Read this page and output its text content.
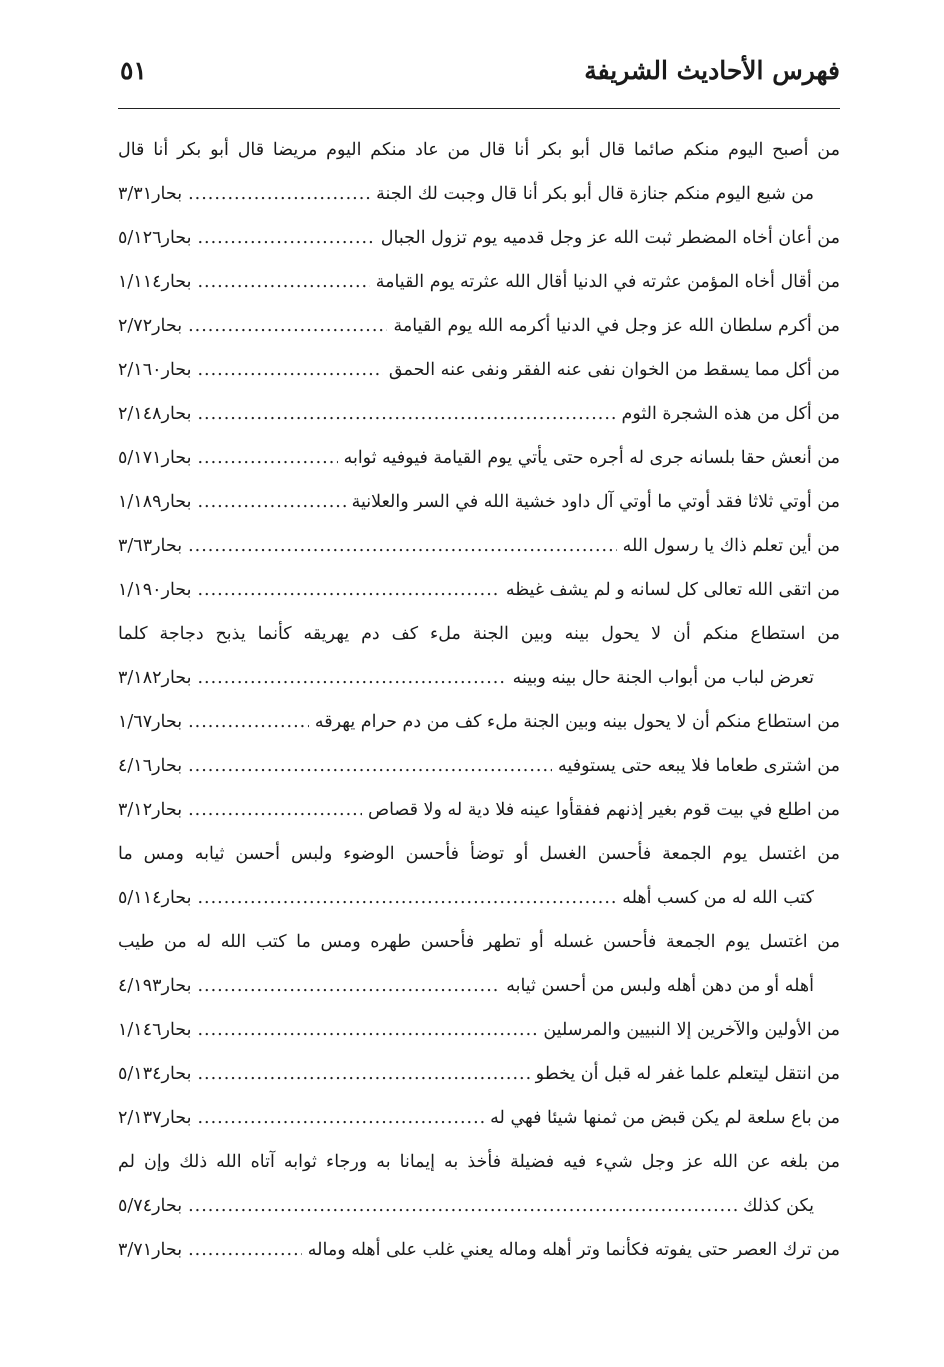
فهرس الأحاديث الشريفة
٥١
من أصبح اليوم منكم صائما قال أبو بكر أنا قال من عاد منكم اليوم مريضا قال أبو بكر أنا قال
من شيع اليوم منكم جنازة قال أبو بكر أنا قال وجبت لك الجنة
.....
بحار٣/٣١
من أعان أخاه المضطر ثبت الله عز وجل قدميه يوم تزول الجبال
.....
بحار٥/١٢٦
من أقال أخاه المؤمن عثرته في الدنيا أقال الله عثرته يوم القيامة
.....
بحار١/١١٤
من أكرم سلطان الله عز وجل في الدنيا أكرمه الله يوم القيامة
.....
بحار٢/٧٢
من أكل مما يسقط من الخوان نفى عنه الفقر ونفى عنه الحمق
.....
بحار٢/١٦٠
من أكل من هذه الشجرة الثوم
.....
بحار٢/١٤٨
من أنعش حقا بلسانه جرى له أجره حتى يأتي يوم القيامة فيوفيه ثوابه
.....
بحار٥/١٧١
من أوتي ثلاثا فقد أوتي ما أوتي آل داود خشية الله في السر والعلانية
.....
بحار١/١٨٩
من أين تعلم ذاك يا رسول الله
.....
بحار٣/٦٣
من اتقى الله تعالى كل لسانه و لم يشف غيظه
.....
بحار١/١٩٠
من استطاع منكم أن لا يحول بينه وبين الجنة ملء كف دم يهريقه كأنما يذبح دجاجة كلما
تعرض لباب من أبواب الجنة حال بينه وبينه
.....
بحار٣/١٨٢
من استطاع منكم أن لا يحول بينه وبين الجنة ملء كف من دم حرام يهرقه
.....
بحار١/٦٧
من اشترى طعاما فلا يبعه حتى يستوفيه
.....
بحار٤/١٦
من اطلع في بيت قوم بغير إذنهم ففقأوا عينه فلا دية له ولا قصاص
.....
بحار٣/١٢
من اغتسل يوم الجمعة فأحسن الغسل أو توضأ فأحسن الوضوء ولبس أحسن ثيابه ومس ما
كتب الله له من كسب أهله
.....
بحار٥/١١٤
من اغتسل يوم الجمعة فأحسن غسله أو تطهر فأحسن طهره ومس ما كتب الله له من طيب
أهله أو من دهن أهله ولبس من أحسن ثيابه
.....
بحار٤/١٩٣
من الأولين والآخرين إلا النبيين والمرسلين
.....
بحار١/١٤٦
من انتقل ليتعلم علما غفر له قبل أن يخطو
.....
بحار٥/١٣٤
من باع سلعة لم يكن قبض من ثمنها شيئا فهي له
.....
بحار٢/١٣٧
من بلغه عن الله عز وجل شيء فيه فضيلة فأخذ به إيمانا به ورجاء ثوابه آتاه الله ذلك وإن لم
يكن كذلك
.....
بحار٥/٧٤
من ترك العصر حتى يفوته فكأنما وتر أهله وماله يعني غلب على أهله وماله
.....
بحار٣/٧١
